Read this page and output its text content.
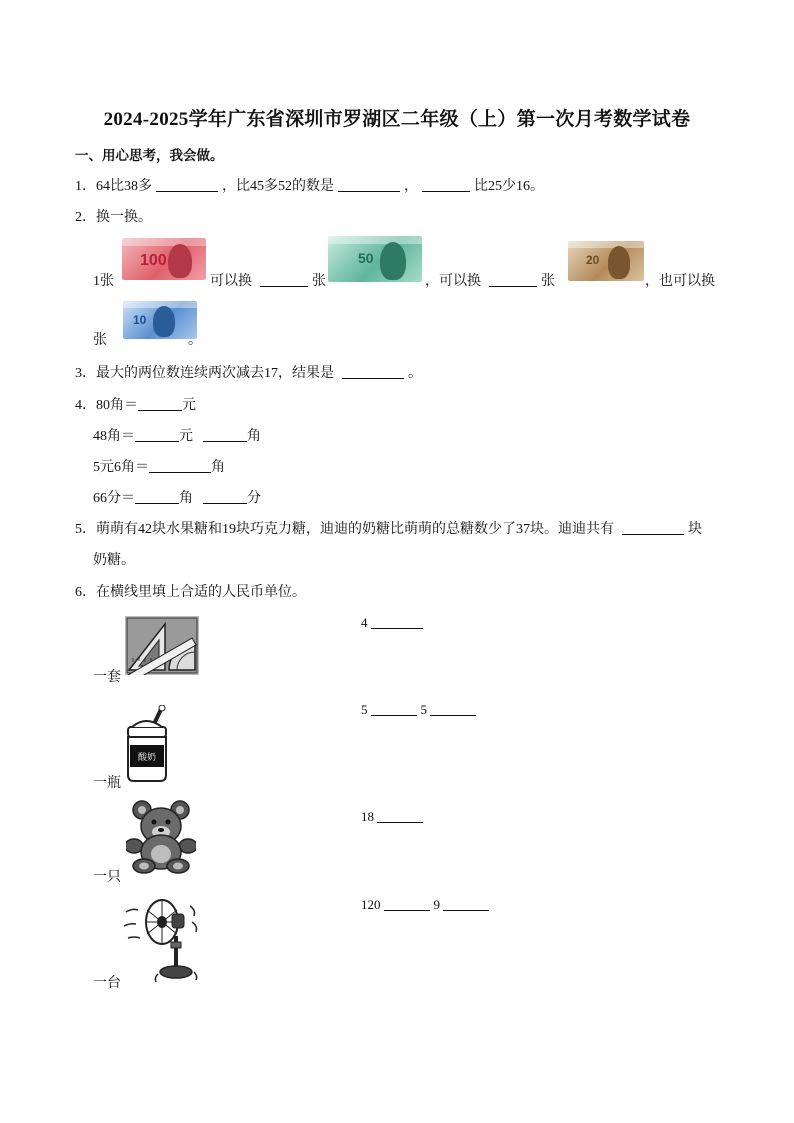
2024-2025学年广东省深圳市罗湖区二年级（上）第一次月考数学试卷
一、用心思考，我会做。
1．64比38多	，比45多52的数是	，	比25少16。
2．换一换。
100	50	20
1张	可以换	张	，可以换	张	，也可以换
10
张	。
3．最大的两位数连续两次减去17，结果是	。
4．80角＝	元
48角＝	元	角
5元6角＝	角
66分＝	角	分
5．萌萌有42块水果糖和19块巧克力糖，迪迪的奶糖比萌萌的总糖数少了37块。迪迪共有	块
奶糖。
6．在横线里填上合适的人民币单位。
一套
4
酸奶
一瓶
5	5
一只
18
一台
120	9
